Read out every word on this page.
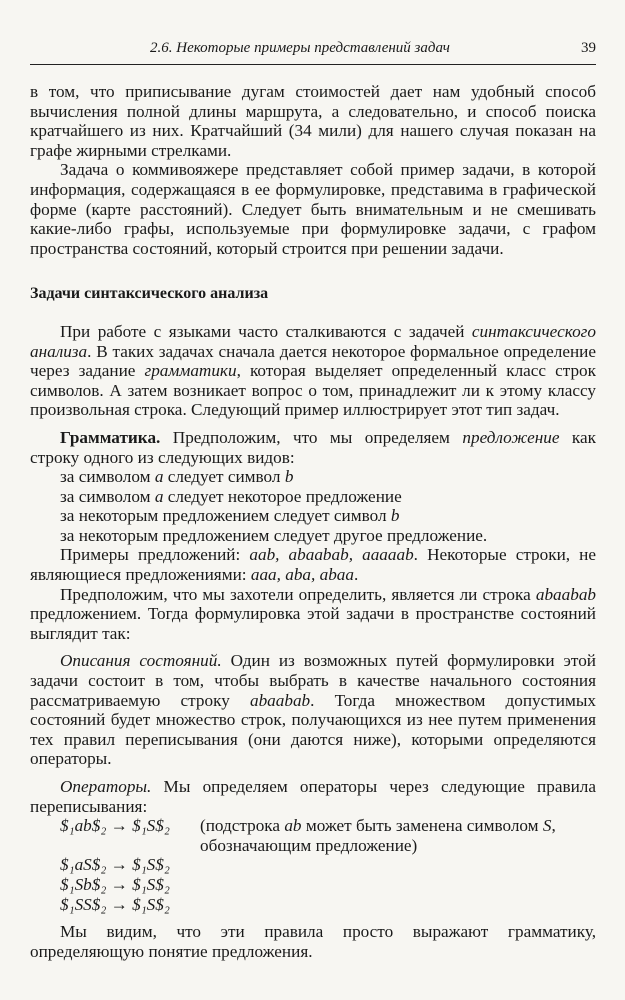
2.6. Некоторые примеры представлений задач	39

в том, что приписывание дугам стоимостей дает нам удобный способ вычисления полной длины маршрута, а следовательно, и способ поиска кратчайшего из них. Кратчайший (34 мили) для нашего случая показан на графе жирными стрелками.

Задача о коммивояжере представляет собой пример задачи, в которой информация, содержащаяся в ее формулировке, представима в графической форме (карте расстояний). Следует быть внимательным и не смешивать какие-либо графы, используемые при формулировке задачи, с графом пространства состояний, который строится при решении задачи.

Задачи синтаксического анализа

При работе с языками часто сталкиваются с задачей синтаксического анализа. В таких задачах сначала дается некоторое формальное определение через задание грамматики, которая выделяет определенный класс строк символов. А затем возникает вопрос о том, принадлежит ли к этому классу произвольная строка. Следующий пример иллюстрирует этот тип задач.

Грамматика. Предположим, что мы определяем предложение как строку одного из следующих видов:

за символом a следует символ b

за символом a следует некоторое предложение

за некоторым предложением следует символ b

за некоторым предложением следует другое предложение.

Примеры предложений: aab, abaabab, aaaaab. Некоторые строки, не являющиеся предложениями: aaa, aba, abaa.

Предположим, что мы захотели определить, является ли строка abaabab предложением. Тогда формулировка этой задачи в пространстве состояний выглядит так:

Описания состояний. Один из возможных путей формулировки этой задачи состоит в том, чтобы выбрать в качестве начального состояния рассматриваемую строку abaabab. Тогда множеством допустимых состояний будет множество строк, получающихся из нее путем применения тех правил переписывания (они даются ниже), которыми определяются операторы.

Операторы. Мы определяем операторы через следующие правила переписывания:

$₁ab$₂ → $₁S$₂	(подстрока ab может быть заменена символом S, обозначающим предложение)

$₁aS$₂ → $₁S$₂

$₁Sb$₂ → $₁S$₂

$₁SS$₂ → $₁S$₂

Мы видим, что эти правила просто выражают грамматику, определяющую понятие предложения.
